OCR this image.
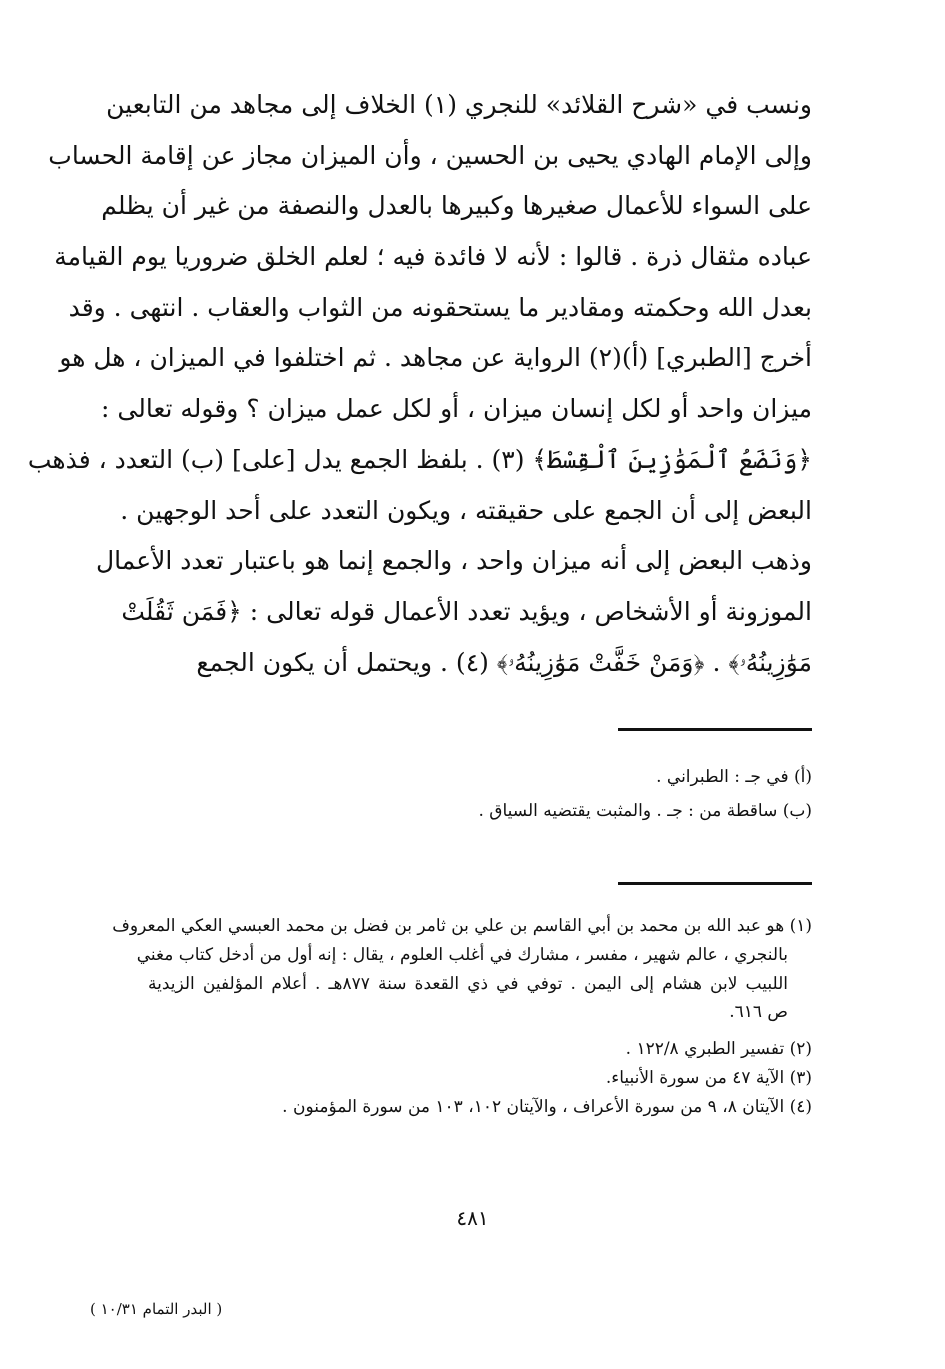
ونسب في «شرح القلائد» للنجري (١) الخلاف إلى مجاهد من التابعين
وإلى الإمام الهادي يحيى بن الحسين ، وأن الميزان مجاز عن إقامة الحساب
على السواء للأعمال صغيرها وكبيرها بالعدل والنصفة من غير أن يظلم
عباده مثقال ذرة . قالوا : لأنه لا فائدة فيه ؛ لعلم الخلق ضروريا يوم القيامة
بعدل الله وحكمته ومقادير ما يستحقونه من الثواب والعقاب . انتهى . وقد
أخرج [الطبري] (أ)(٢) الرواية عن مجاهد . ثم اختلفوا في الميزان ، هل هو
ميزان واحد أو لكل إنسان ميزان ، أو لكل عمل ميزان ؟ وقوله تعالى :
﴿وَنَضَعُ ٱلْمَوَٰزِينَ ٱلْقِسْطَ﴾ (٣) . بلفظ الجمع يدل [على] (ب) التعدد ، فذهب
البعض إلى أن الجمع على حقيقته ، ويكون التعدد على أحد الوجهين .
وذهب البعض إلى أنه ميزان واحد ، والجمع إنما هو باعتبار تعدد الأعمال
الموزونة أو الأشخاص ، ويؤيد تعدد الأعمال قوله تعالى : ﴿فَمَن ثَقُلَتْ
مَوَٰزِينُهُۥ﴾ . ﴿وَمَنْ خَفَّتْ مَوَٰزِينُهُۥ﴾ (٤) . ويحتمل أن يكون الجمع
(أ) في جـ : الطبراني .
(ب) ساقطة من : جـ . والمثبت يقتضيه السياق .
(١) هو عبد الله بن محمد بن أبي القاسم بن علي بن ثامر بن فضل بن محمد العبسي العكي المعروف
بالنجري ، عالم شهير ، مفسر ، مشارك في أغلب العلوم ، يقال : إنه أول من أدخل كتاب مغني
اللبيب لابن هشام إلى اليمن . توفي في ذي القعدة سنة ٨٧٧هـ . أعلام المؤلفين الزيدية
ص ٦١٦.
(٢) تفسير الطبري ١٢٢/٨ .
(٣) الآية ٤٧ من سورة الأنبياء.
(٤) الآيتان ٨، ٩ من سورة الأعراف ، والآيتان ١٠٢، ١٠٣ من سورة المؤمنون .
٤٨١
( البدر التمام ١٠/٣١ )
